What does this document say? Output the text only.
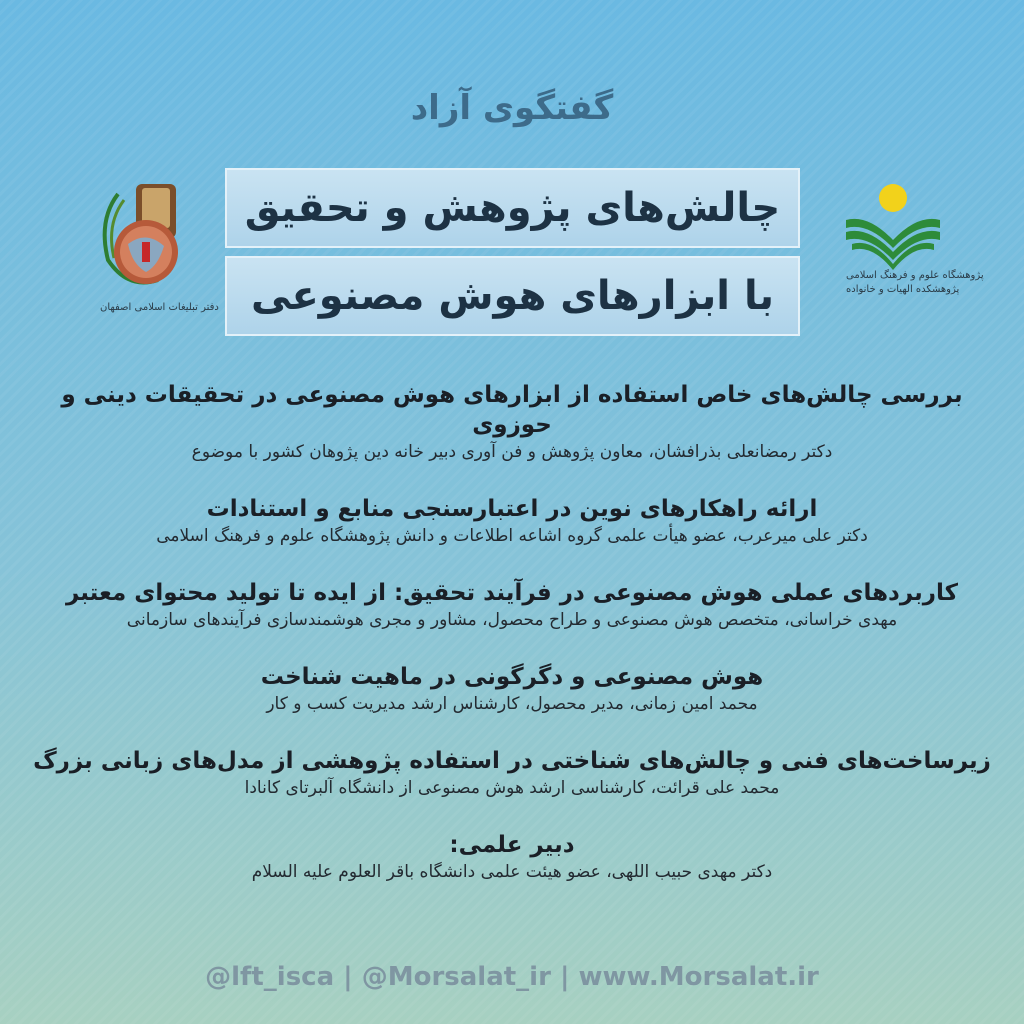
گفتگوی آزاد
چالش‌های پژوهش و تحقیق
با ابزارهای هوش مصنوعی
دفتر تبلیغات اسلامی اصفهان
پژوهشگاه علوم و فرهنگ اسلامی
پژوهشکده الهیات و خانواده
بررسی چالش‌های خاص استفاده از ابزارهای هوش مصنوعی در تحقیقات دینی و حوزوی
دکتر رمضانعلی بذرافشان، معاون پژوهش و فن آوری دبیر خانه دین پژوهان کشور با موضوع
ارائه راهکارهای نوین در اعتبارسنجی منابع و استنادات
دکتر علی میرعرب، عضو هیأت علمی گروه اشاعه اطلاعات و دانش پژوهشگاه علوم و فرهنگ اسلامی
کاربردهای عملی هوش مصنوعی در فرآیند تحقیق: از ایده تا تولید محتوای معتبر
مهدی خراسانی، متخصص هوش مصنوعی و طراح محصول، مشاور و مجری هوشمندسازی فرآیندهای سازمانی
هوش مصنوعی و دگرگونی در ماهیت شناخت
محمد امین زمانی، مدیر محصول، کارشناس ارشد مدیریت کسب و کار
زیرساخت‌های فنی و چالش‌های شناختی در استفاده پژوهشی از مدل‌های زبانی بزرگ
محمد علی قرائت، کارشناسی ارشد هوش مصنوعی از دانشگاه آلبرتای کانادا
دبیر علمی:
دکتر مهدی حبیب اللهی، عضو هیئت علمی دانشگاه باقر العلوم علیه السلام
@lft_isca | @Morsalat_ir | www.Morsalat.ir
